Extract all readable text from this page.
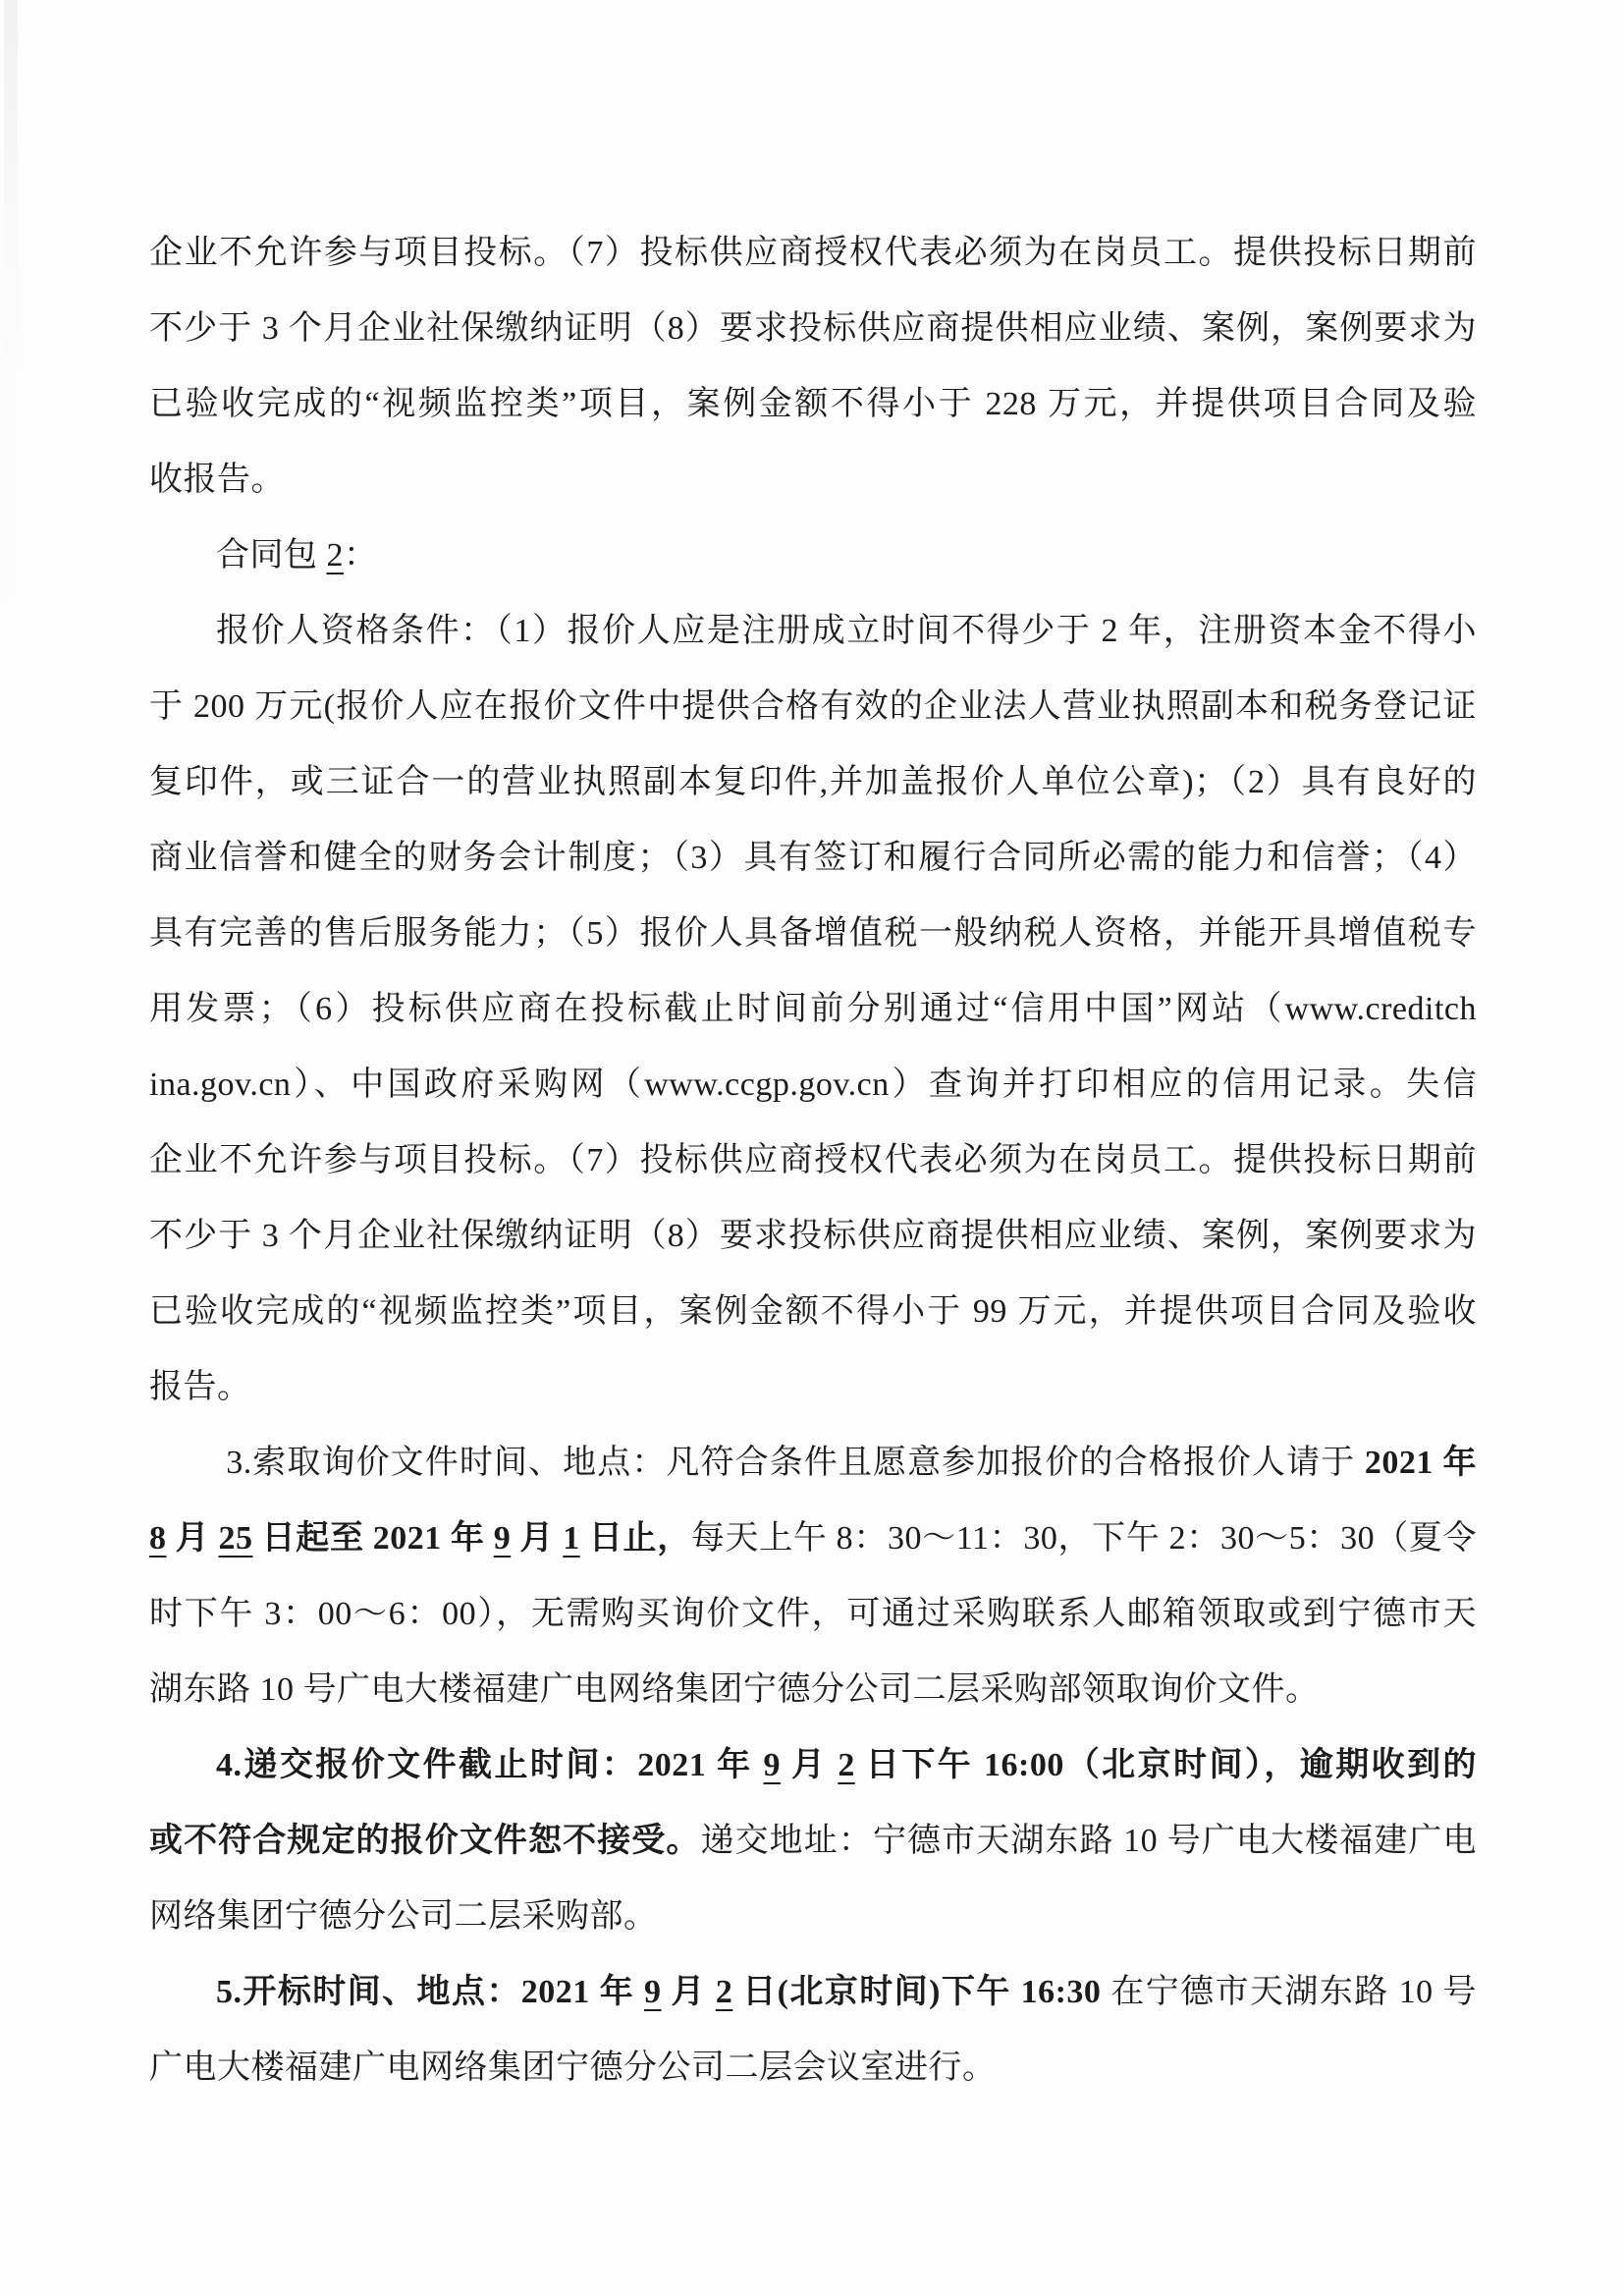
企业不允许参与项目投标。（7）投标供应商授权代表必须为在岗员工。提供投标日期前
不少于 3 个月企业社保缴纳证明（8）要求投标供应商提供相应业绩、案例，案例要求为
已验收完成的“视频监控类”项目，案例金额不得小于 228 万元，并提供项目合同及验
收报告。
合同包 2：
报价人资格条件：（1）报价人应是注册成立时间不得少于 2 年，注册资本金不得小
于 200 万元(报价人应在报价文件中提供合格有效的企业法人营业执照副本和税务登记证
复印件，或三证合一的营业执照副本复印件,并加盖报价人单位公章)；（2）具有良好的
商业信誉和健全的财务会计制度；（3）具有签订和履行合同所必需的能力和信誉；（4）
具有完善的售后服务能力；（5）报价人具备增值税一般纳税人资格，并能开具增值税专
用发票；（6）投标供应商在投标截止时间前分别通过“信用中国”网站（www.creditch
ina.gov.cn）、中国政府采购网（www.ccgp.gov.cn）查询并打印相应的信用记录。失信
企业不允许参与项目投标。（7）投标供应商授权代表必须为在岗员工。提供投标日期前
不少于 3 个月企业社保缴纳证明（8）要求投标供应商提供相应业绩、案例，案例要求为
已验收完成的“视频监控类”项目，案例金额不得小于 99 万元，并提供项目合同及验收
报告。
3.索取询价文件时间、地点：凡符合条件且愿意参加报价的合格报价人请于 2021 年
8 月 25 日起至 2021 年 9 月 1 日止，每天上午 8：30～11：30，下午 2：30～5：30（夏令
时下午 3：00～6：00），无需购买询价文件，可通过采购联系人邮箱领取或到宁德市天
湖东路 10 号广电大楼福建广电网络集团宁德分公司二层采购部领取询价文件。
4.递交报价文件截止时间：2021 年 9 月 2 日下午 16:00（北京时间），逾期收到的
或不符合规定的报价文件恕不接受。递交地址：宁德市天湖东路 10 号广电大楼福建广电
网络集团宁德分公司二层采购部。
5.开标时间、地点：2021 年 9 月 2 日(北京时间)下午 16:30 在宁德市天湖东路 10 号
广电大楼福建广电网络集团宁德分公司二层会议室进行。
